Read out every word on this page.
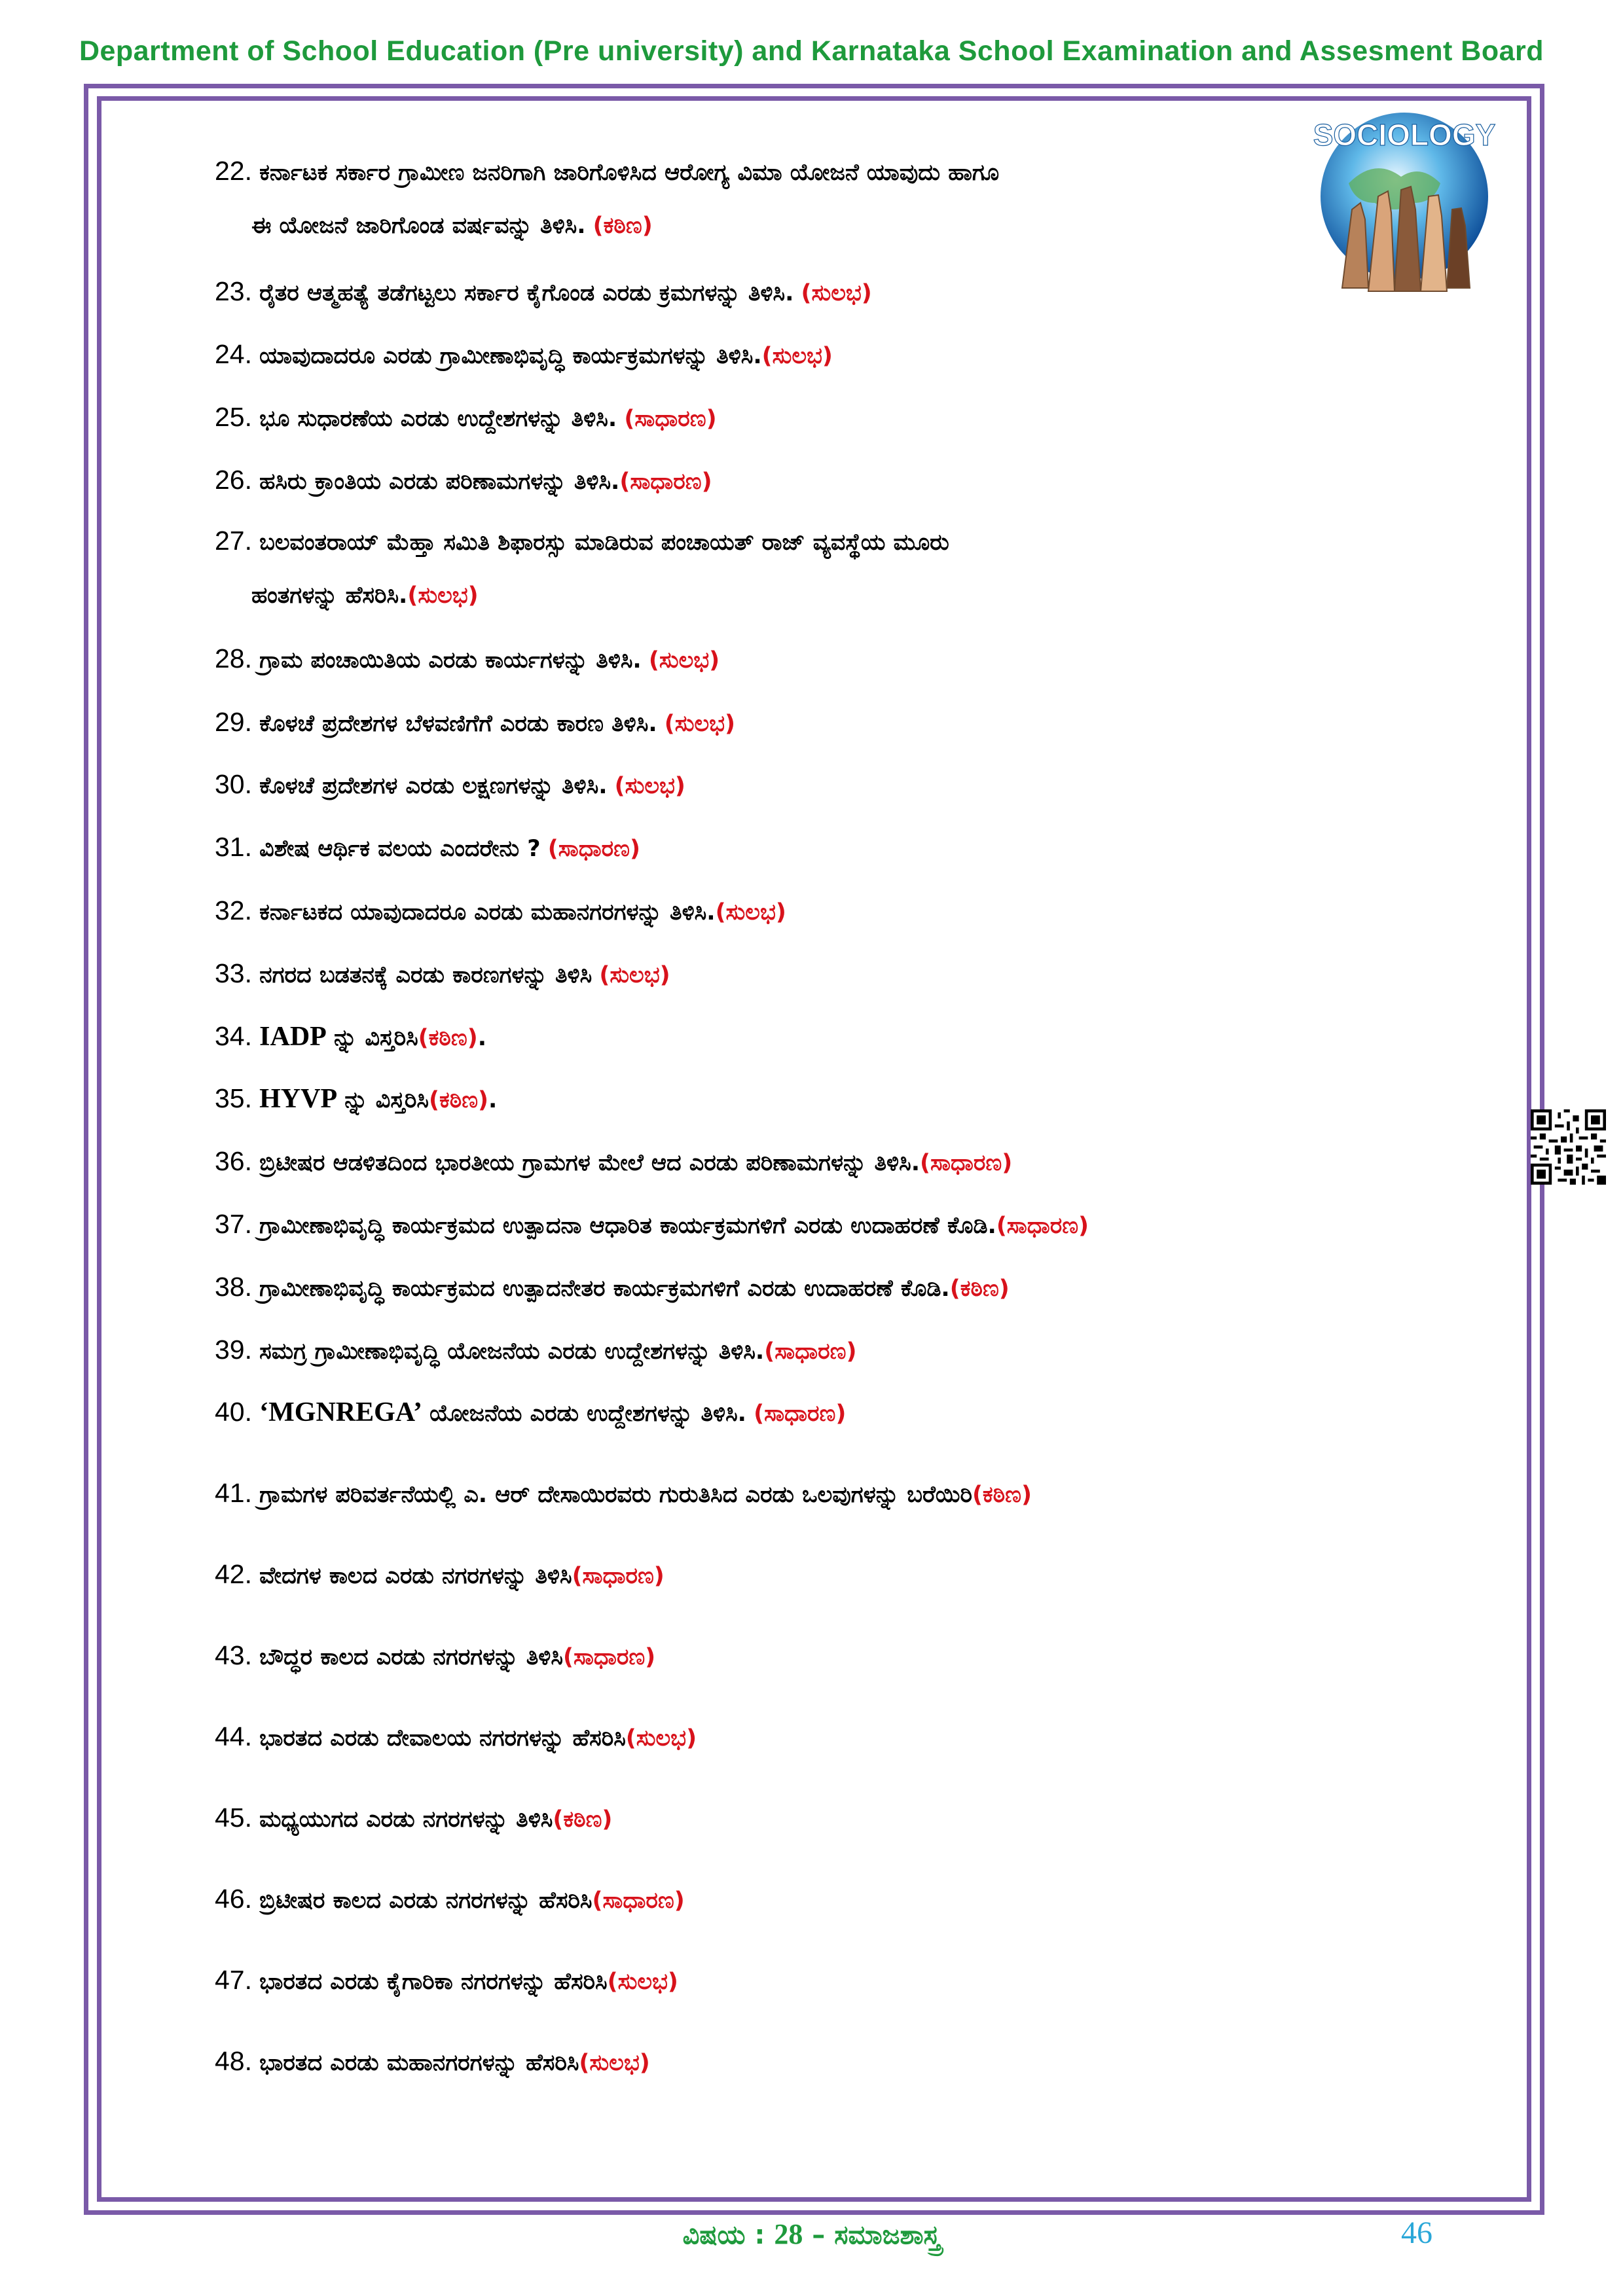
Department of School Education (Pre university) and Karnataka School Examination and Assesment Board
SOCIOLOGY
22. ಕರ್ನಾಟಕ ಸರ್ಕಾರ ಗ್ರಾಮೀಣ ಜನರಿಗಾಗಿ ಜಾರಿಗೊಳಿಸಿದ ಆರೋಗ್ಯ ವಿಮಾ ಯೋಜನೆ ಯಾವುದು ಹಾಗೂ
ಈ ಯೋಜನೆ ಜಾರಿಗೊಂಡ ವರ್ಷವನ್ನು ತಿಳಿಸಿ. (ಕಠಿಣ)
23. ರೈತರ ಆತ್ಮಹತ್ಯೆ ತಡೆಗಟ್ಟಲು ಸರ್ಕಾರ ಕೈಗೊಂಡ ಎರಡು ಕ್ರಮಗಳನ್ನು ತಿಳಿಸಿ. (ಸುಲಭ)
24. ಯಾವುದಾದರೂ ಎರಡು ಗ್ರಾಮೀಣಾಭಿವೃದ್ಧಿ ಕಾರ್ಯಕ್ರಮಗಳನ್ನು ತಿಳಿಸಿ.(ಸುಲಭ)
25. ಭೂ ಸುಧಾರಣೆಯ ಎರಡು ಉದ್ದೇಶಗಳನ್ನು ತಿಳಿಸಿ. (ಸಾಧಾರಣ)
26. ಹಸಿರು ಕ್ರಾಂತಿಯ ಎರಡು ಪರಿಣಾಮಗಳನ್ನು ತಿಳಿಸಿ.(ಸಾಧಾರಣ)
27. ಬಲವಂತರಾಯ್ ಮೆಹ್ತಾ ಸಮಿತಿ ಶಿಫಾರಸ್ಸು ಮಾಡಿರುವ ಪಂಚಾಯತ್ ರಾಜ್ ವ್ಯವಸ್ಥೆಯ ಮೂರು
ಹಂತಗಳನ್ನು ಹೆಸರಿಸಿ.(ಸುಲಭ)
28. ಗ್ರಾಮ ಪಂಚಾಯಿತಿಯ ಎರಡು ಕಾರ್ಯಗಳನ್ನು ತಿಳಿಸಿ. (ಸುಲಭ)
29. ಕೊಳಚೆ ಪ್ರದೇಶಗಳ ಬೆಳವಣಿಗೆಗೆ ಎರಡು ಕಾರಣ ತಿಳಿಸಿ. (ಸುಲಭ)
30. ಕೊಳಚೆ ಪ್ರದೇಶಗಳ ಎರಡು ಲಕ್ಷಣಗಳನ್ನು ತಿಳಿಸಿ. (ಸುಲಭ)
31. ವಿಶೇಷ ಆರ್ಥಿಕ ವಲಯ ಎಂದರೇನು ? (ಸಾಧಾರಣ)
32. ಕರ್ನಾಟಕದ ಯಾವುದಾದರೂ ಎರಡು ಮಹಾನಗರಗಳನ್ನು ತಿಳಿಸಿ.(ಸುಲಭ)
33. ನಗರದ ಬಡತನಕ್ಕೆ ಎರಡು ಕಾರಣಗಳನ್ನು ತಿಳಿಸಿ (ಸುಲಭ)
34. IADP ನ್ನು ವಿಸ್ತರಿಸಿ(ಕಠಿಣ).
35. HYVP ನ್ನು ವಿಸ್ತರಿಸಿ(ಕಠಿಣ).
36. ಬ್ರಿಟೀಷರ ಆಡಳಿತದಿಂದ ಭಾರತೀಯ ಗ್ರಾಮಗಳ ಮೇಲೆ ಆದ ಎರಡು ಪರಿಣಾಮಗಳನ್ನು ತಿಳಿಸಿ.(ಸಾಧಾರಣ)
37. ಗ್ರಾಮೀಣಾಭಿವೃದ್ಧಿ ಕಾರ್ಯಕ್ರಮದ ಉತ್ಪಾದನಾ ಆಧಾರಿತ ಕಾರ್ಯಕ್ರಮಗಳಿಗೆ ಎರಡು ಉದಾಹರಣೆ ಕೊಡಿ.(ಸಾಧಾರಣ)
38. ಗ್ರಾಮೀಣಾಭಿವೃದ್ಧಿ ಕಾರ್ಯಕ್ರಮದ ಉತ್ಪಾದನೇತರ ಕಾರ್ಯಕ್ರಮಗಳಿಗೆ ಎರಡು ಉದಾಹರಣೆ ಕೊಡಿ.(ಕಠಿಣ)
39. ಸಮಗ್ರ ಗ್ರಾಮೀಣಾಭಿವೃದ್ಧಿ ಯೋಜನೆಯ ಎರಡು ಉದ್ದೇಶಗಳನ್ನು ತಿಳಿಸಿ.(ಸಾಧಾರಣ)
40. ‘MGNREGA’ ಯೋಜನೆಯ ಎರಡು ಉದ್ದೇಶಗಳನ್ನು ತಿಳಿಸಿ. (ಸಾಧಾರಣ)
41. ಗ್ರಾಮಗಳ ಪರಿವರ್ತನೆಯಲ್ಲಿ ಎ. ಆರ್ ದೇಸಾಯಿರವರು ಗುರುತಿಸಿದ ಎರಡು ಒಲವುಗಳನ್ನು ಬರೆಯಿರಿ(ಕಠಿಣ)
42. ವೇದಗಳ ಕಾಲದ ಎರಡು ನಗರಗಳನ್ನು ತಿಳಿಸಿ(ಸಾಧಾರಣ)
43. ಬೌದ್ಧರ ಕಾಲದ ಎರಡು ನಗರಗಳನ್ನು ತಿಳಿಸಿ(ಸಾಧಾರಣ)
44. ಭಾರತದ ಎರಡು ದೇವಾಲಯ ನಗರಗಳನ್ನು ಹೆಸರಿಸಿ(ಸುಲಭ)
45. ಮಧ್ಯಯುಗದ ಎರಡು ನಗರಗಳನ್ನು ತಿಳಿಸಿ(ಕಠಿಣ)
46. ಬ್ರಿಟೀಷರ ಕಾಲದ ಎರಡು ನಗರಗಳನ್ನು ಹೆಸರಿಸಿ(ಸಾಧಾರಣ)
47. ಭಾರತದ ಎರಡು ಕೈಗಾರಿಕಾ ನಗರಗಳನ್ನು ಹೆಸರಿಸಿ(ಸುಲಭ)
48. ಭಾರತದ ಎರಡು ಮಹಾನಗರಗಳನ್ನು ಹೆಸರಿಸಿ(ಸುಲಭ)
ವಿಷಯ : 28 – ಸಮಾಜಶಾಸ್ತ್ರ	46
